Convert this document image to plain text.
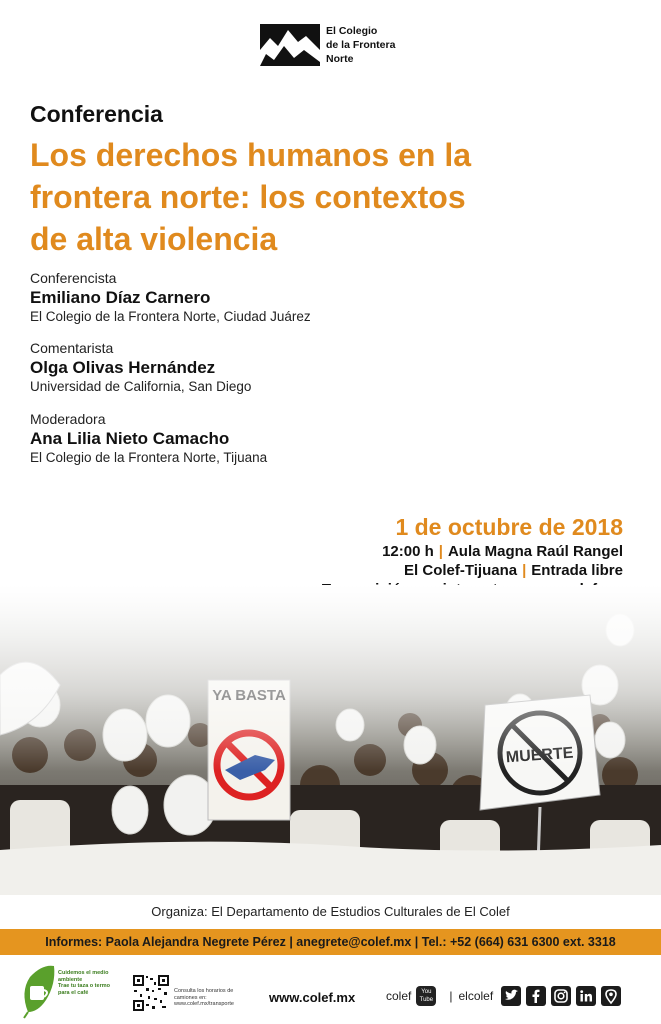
El Colegio
de la Frontera
Norte
Conferencia
Los derechos humanos en la
frontera norte: los contextos
de alta violencia
Conferencista
Emiliano Díaz Carnero
El Colegio de la Frontera Norte, Ciudad Juárez
Comentarista
Olga Olivas Hernández
Universidad de California, San Diego
Moderadora
Ana Lilia Nieto Camacho
El Colegio de la Frontera Norte, Tijuana
1 de octubre de 2018
12:00 h | Aula Magna Raúl Rangel
El Colef-Tijuana | Entrada libre
Organiza: El Departamento de Estudios Culturales de El Colef
Informes: Paola Alejandra Negrete Pérez | anegrete@colef.mx | Tel.: +52 (664) 631 6300 ext. 3318
Cuidemos el medio ambiente
Trae tu taza o termo para el café	Consulta los horarios de camiones en: www.colef.mx/transporte	www.colef.mx	colef	You Tube | elcolef
